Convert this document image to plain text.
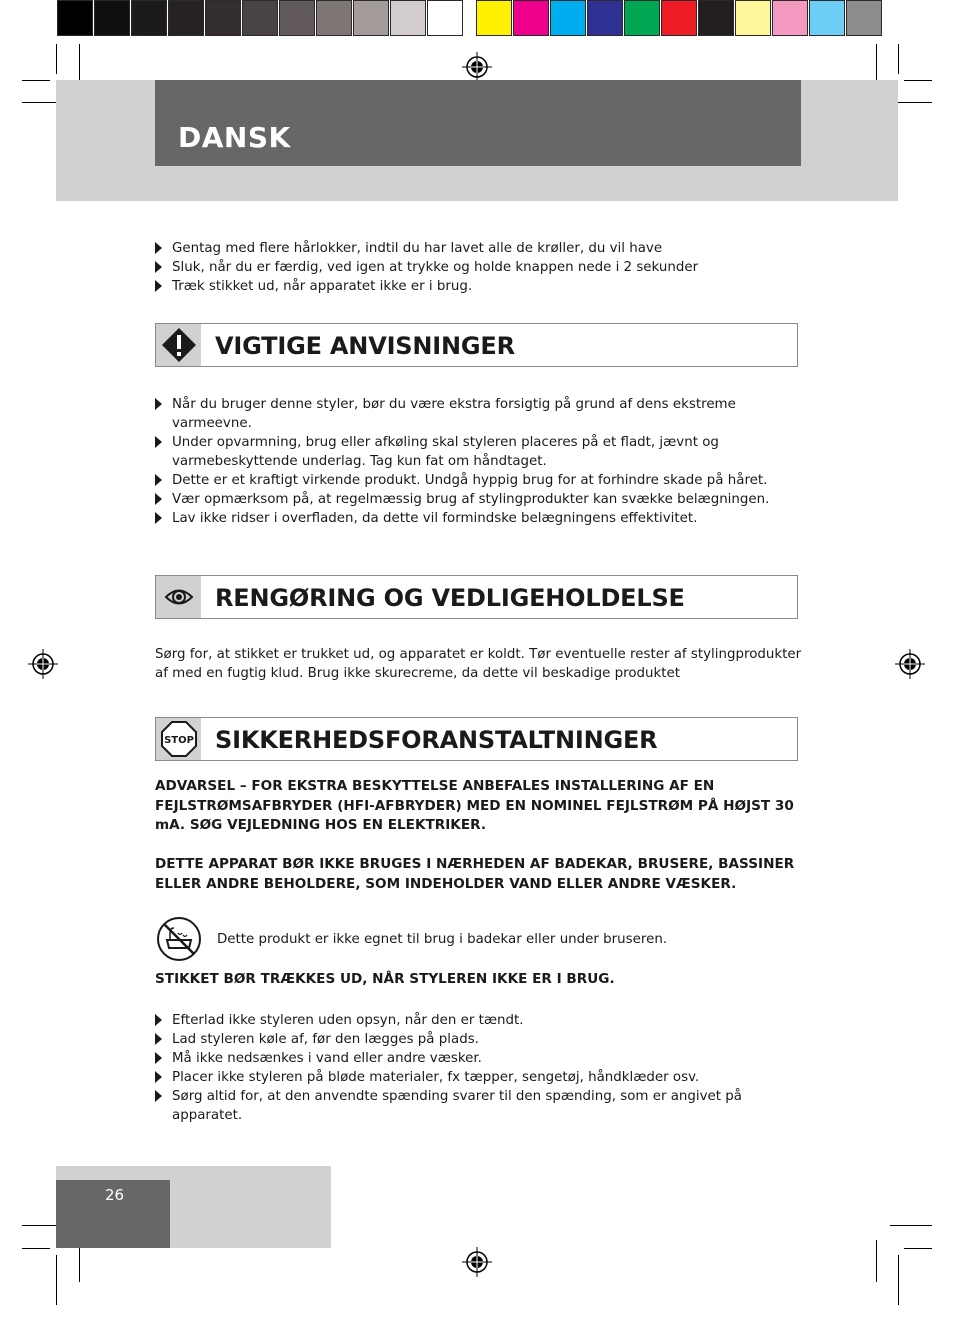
DANSK
Gentag med flere hårlokker, indtil du har lavet alle de krøller, du vil have
Sluk, når du er færdig, ved igen at trykke og holde knappen nede i 2 sekunder
Træk stikket ud, når apparatet ikke er i brug.
VIGTIGE ANVISNINGER
Når du bruger denne styler, bør du være ekstra forsigtig på grund af dens ekstreme varmeevne.
Under opvarmning, brug eller afkøling skal styleren placeres på et fladt, jævnt og varmebeskyttende underlag. Tag kun fat om håndtaget.
Dette er et kraftigt virkende produkt. Undgå hyppig brug for at forhindre skade på håret.
Vær opmærksom på, at regelmæssig brug af stylingprodukter kan svække belægningen.
Lav ikke ridser i overfladen, da dette vil formindske belægningens effektivitet.
RENGØRING OG VEDLIGEHOLDELSE

Sørg for, at stikket er trukket ud, og apparatet er koldt. Tør eventuelle rester af stylingprodukter af med en fugtig klud. Brug ikke skurecreme, da dette vil beskadige produktet

STOP SIKKERHEDSFORANSTALTNINGER

ADVARSEL – FOR EKSTRA BESKYTTELSE ANBEFALES INSTALLERING AF EN FEJLSTRØMSAFBRYDER (HFI-AFBRYDER) MED EN NOMINEL FEJLSTRØM PÅ HØJST 30 mA. SØG VEJLEDNING HOS EN ELEKTRIKER.

DETTE APPARAT BØR IKKE BRUGES I NÆRHEDEN AF BADEKAR, BRUSERE, BASSINER ELLER ANDRE BEHOLDERE, SOM INDEHOLDER VAND ELLER ANDRE VÆSKER.

Dette produkt er ikke egnet til brug i badekar eller under bruseren.

STIKKET BØR TRÆKKES UD, NÅR STYLEREN IKKE ER I BRUG.

Efterlad ikke styleren uden opsyn, når den er tændt.
Lad styleren køle af, før den lægges på plads.
Må ikke nedsænkes i vand eller andre væsker.
Placer ikke styleren på bløde materialer, fx tæpper, sengetøj, håndklæder osv.
Sørg altid for, at den anvendte spænding svarer til den spænding, som er angivet på apparatet.
26
